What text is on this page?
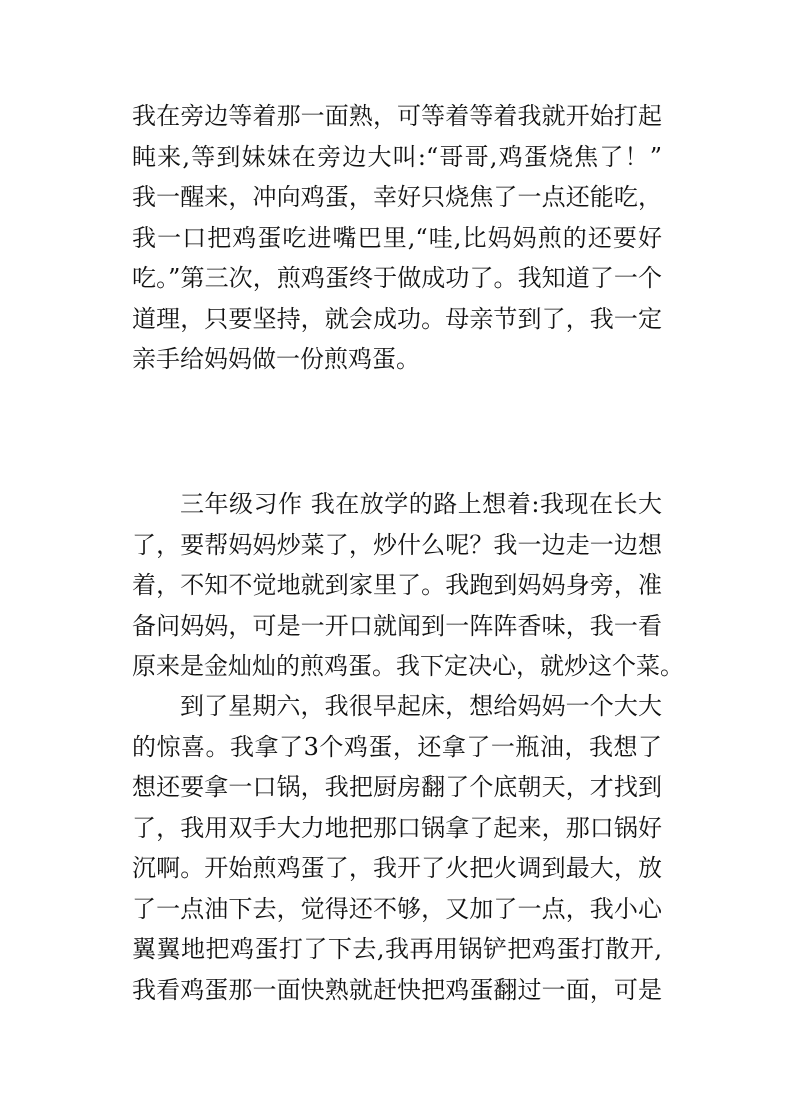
我在旁边等着那一面熟，可等着等着我就开始打起
盹来,等到妹妹在旁边大叫:“哥哥,鸡蛋烧焦了！”
我一醒来，冲向鸡蛋，幸好只烧焦了一点还能吃，
我一口把鸡蛋吃进嘴巴里,“哇,比妈妈煎的还要好
吃。”第三次，煎鸡蛋终于做成功了。我知道了一个
道理，只要坚持，就会成功。母亲节到了，我一定
亲手给妈妈做一份煎鸡蛋。
三年级习作 我在放学的路上想着:我现在长大
了，要帮妈妈炒菜了，炒什么呢？我一边走一边想
着，不知不觉地就到家里了。我跑到妈妈身旁，准
备问妈妈，可是一开口就闻到一阵阵香味，我一看
原来是金灿灿的煎鸡蛋。我下定决心，就炒这个菜。
到了星期六，我很早起床，想给妈妈一个大大
的惊喜。我拿了3个鸡蛋，还拿了一瓶油，我想了
想还要拿一口锅，我把厨房翻了个底朝天，才找到
了，我用双手大力地把那口锅拿了起来，那口锅好
沉啊。开始煎鸡蛋了，我开了火把火调到最大，放
了一点油下去，觉得还不够，又加了一点，我小心
翼翼地把鸡蛋打了下去,我再用锅铲把鸡蛋打散开,
我看鸡蛋那一面快熟就赶快把鸡蛋翻过一面，可是
